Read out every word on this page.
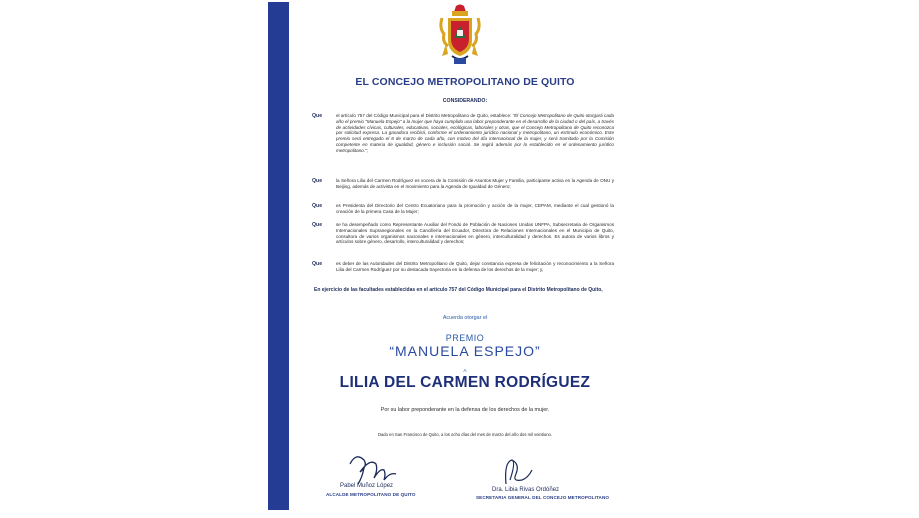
EL CONCEJO METROPOLITANO DE QUITO

CONSIDERANDO:

Que	el artículo 757 del Código Municipal para el Distrito Metropolitano de Quito, establece: "El Concejo Metropolitano de Quito otorgará cada año el premio "Manuela Espejo" a la mujer que haya cumplido una labor preponderante en el desarrollo de la ciudad o del país, a través de actividades cívicas, culturales, educativas, sociales, ecológicas, laborales y otras, que el Concejo Metropolitano de Quito reconozca por solicitud expresa. La ganadora recibirá, conforme el ordenamiento jurídico nacional y metropolitano, un estímulo económico. Este premio será entregado el 8 de marzo de cada año, con motivo del día internacional de la mujer, y será tramitado por la Comisión competente en materia de igualdad, género e inclusión social. Se regirá además por lo establecido en el ordenamiento jurídico metropolitano.";
Que	la Señora Lilia del Carmen Rodríguez es vocera de la Comisión de Asuntos Mujer y Familia, participante activa en la Agenda de ONU y Beijing, además de activista en el movimiento para la Agenda de Igualdad de Género;
Que	es Presidenta del Directorio del Centro Ecuatoriano para la promoción y acción de la mujer, CEPAM, mediante el cual gestionó la creación de la primera Casa de la Mujer;
Que	se ha desempeñado como Representante Auxiliar del Fondo de Población de Naciones Unidas UNFPA, Subsecretaria de Organismos Internacionales Supranegionales en la Cancillería del Ecuador, Directora de Relaciones Internacionales en el Municipio de Quito, consultora de varios organismos nacionales e internacionales en género, interculturalidad y derechos. Es autora de varios libros y artículos sobre género, desarrollo, interculturalidad y derechos;
Que	es deber de las Autoridades del Distrito Metropolitano de Quito, dejar constancia expresa de felicitación y reconocimiento a la Señora Lilia del Carmen Rodríguez por su destacada trayectoria en la defensa de los derechos de la mujer; y,

En ejercicio de las facultades establecidas en el artículo 757 del Código Municipal para el Distrito Metropolitano de Quito,

Acuerda otorgar el

PREMIO

“MANUELA ESPEJO”

A

LILIA DEL CARMEN RODRÍGUEZ

Por su labor preponderante en la defensa de los derechos de la mujer.

Dado en San Francisco de Quito, a los ocho días del mes de marzo del año dos mil veintiuno.

Pabel Muñoz López
ALCALDE METROPOLITANO DE QUITO
Dra. Libia Rivas Ordóñez
SECRETARIA GENERAL DEL CONCEJO METROPOLITANO
